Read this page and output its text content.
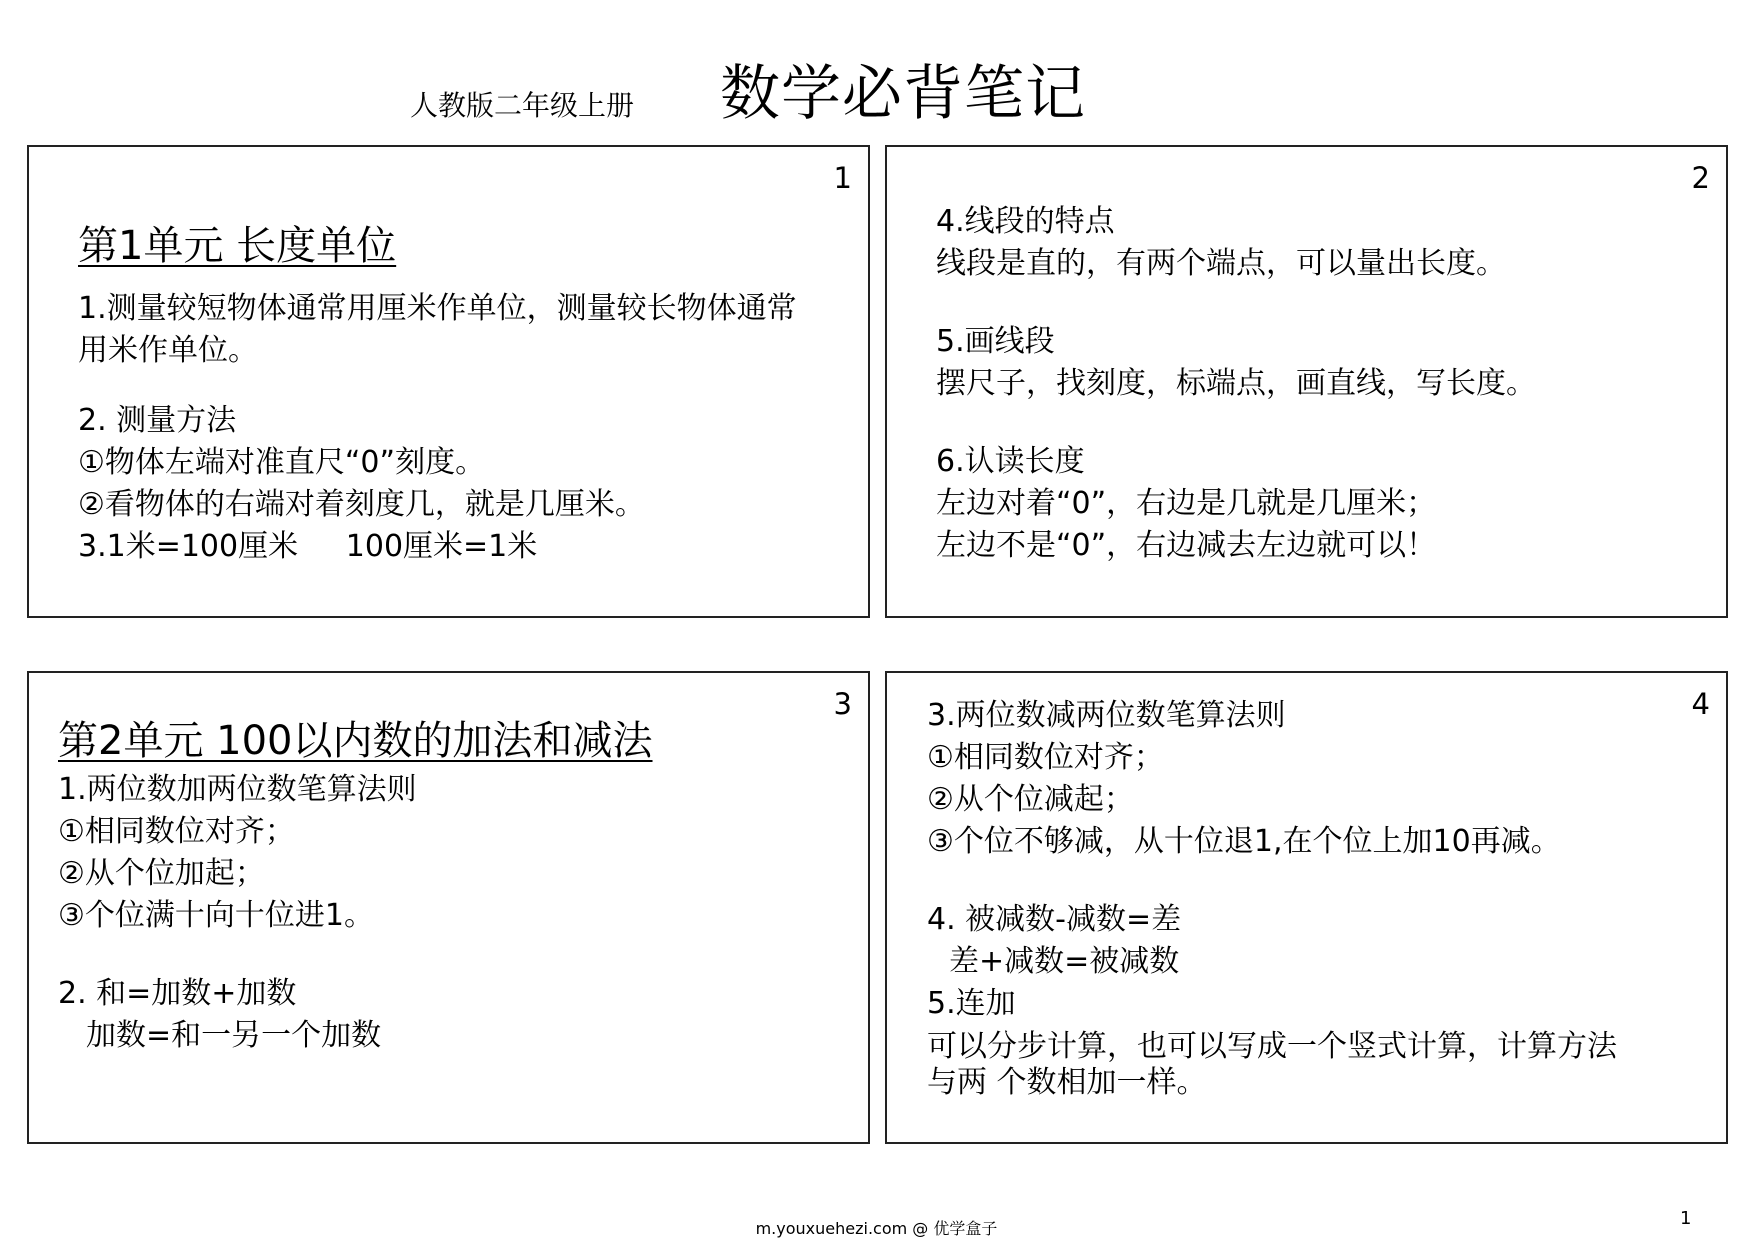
人教版二年级上册 数学必背笔记
1
第1单元 长度单位
1.测量较短物体通常用厘米作单位，测量较长物体通常用米作单位。
2. 测量方法
①物体左端对准直尺“0”刻度。
②看物体的右端对着刻度几，就是几厘米。
3.1米=100厘米     100厘米=1米
2
4.线段的特点
线段是直的，有两个端点，可以量出长度。
5.画线段
摆尺子，找刻度，标端点，画直线，写长度。
6.认读长度
左边对着“0”，右边是几就是几厘米；
左边不是“0”，右边减去左边就可以！
3
第2单元 100以内数的加法和减法
1.两位数加两位数笔算法则
①相同数位对齐；
②从个位加起；
③个位满十向十位进1。
2. 和=加数+加数
加数=和一另一个加数
4
3.两位数减两位数笔算法则
①相同数位对齐；
②从个位减起；
③个位不够减，从十位退1,在个位上加10再减。
4. 被减数-减数=差
差+减数=被减数
5.连加
可以分步计算，也可以写成一个竖式计算，计算方法与两 个数相加一样。
m.youxuehezi.com @ 优学盒子	1
